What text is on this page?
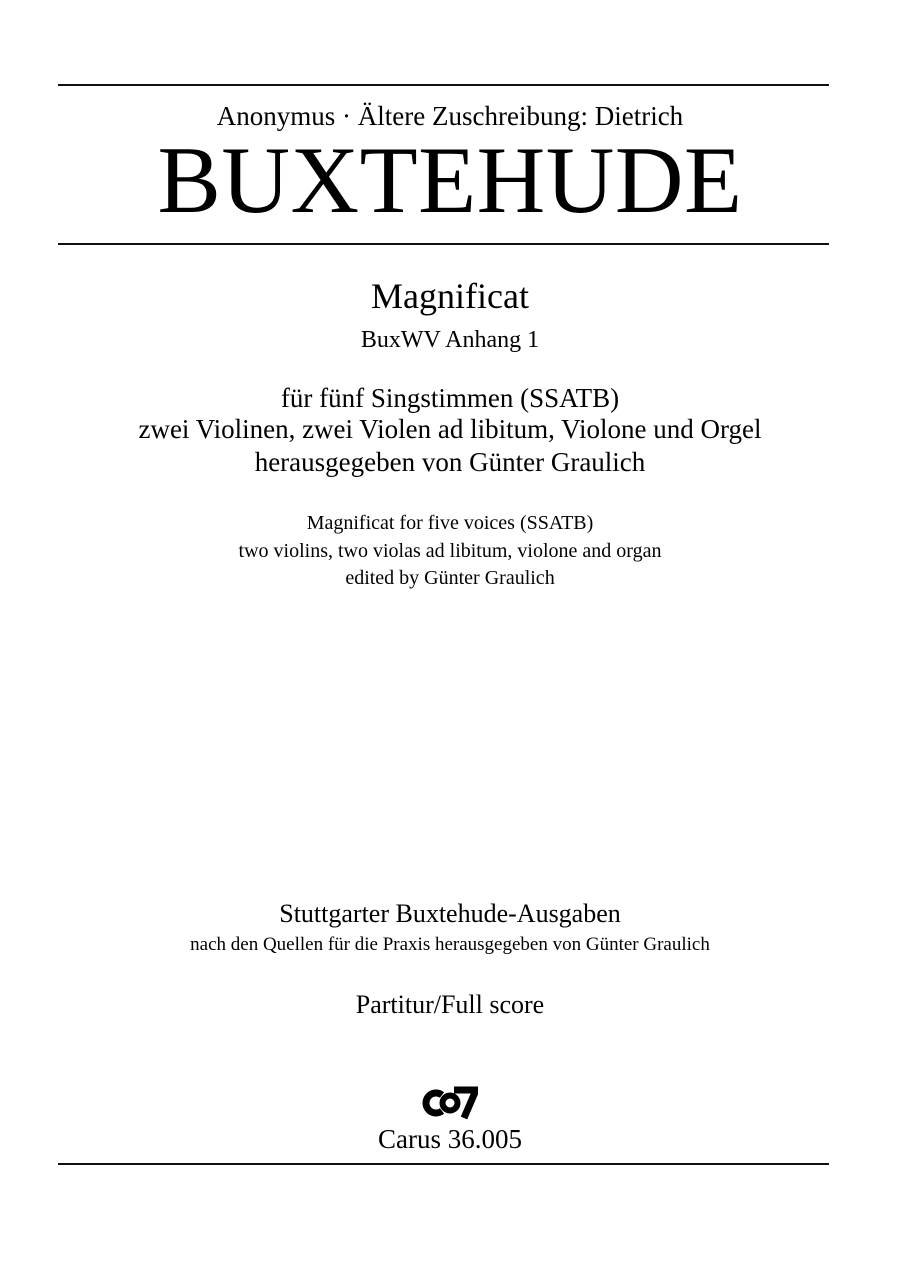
Anonymus · Ältere Zuschreibung: Dietrich
BUXTEHUDE
Magnificat
BuxWV Anhang 1
für fünf Singstimmen (SSATB)
zwei Violinen, zwei Violen ad libitum, Violone und Orgel
herausgegeben von Günter Graulich
Magnificat for five voices (SSATB)
two violins, two violas ad libitum, violone and organ
edited by Günter Graulich
Stuttgarter Buxtehude-Ausgaben
nach den Quellen für die Praxis herausgegeben von Günter Graulich
Partitur/Full score
Carus 36.005
